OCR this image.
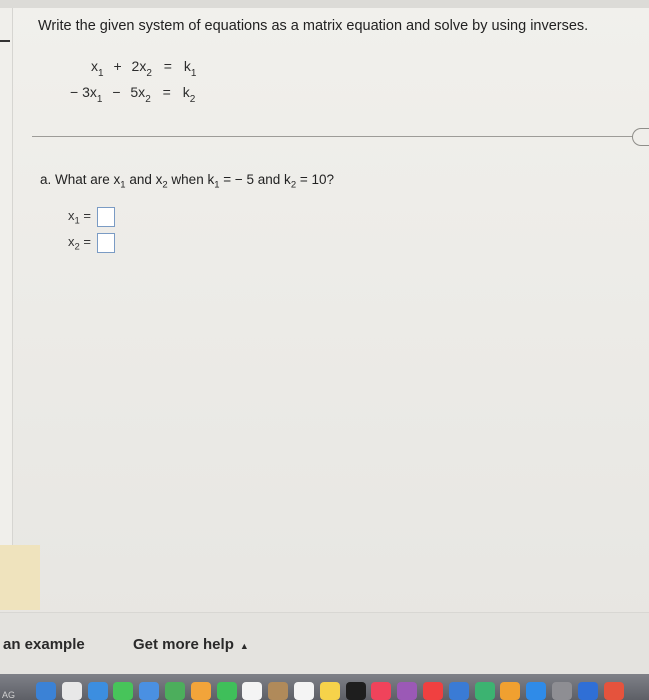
Write the given system of equations as a matrix equation and solve by using inverses.
$x_1 + 2x_2 = k_1$
− $3x_1 - 5x_2 = k_2$
a. What are $x_1$ and $x_2$ when $k_1$ = − 5 and $k_2 = 10$?
$x_1$ =
$x_2$ =
an example	Get more help ▲
AG
